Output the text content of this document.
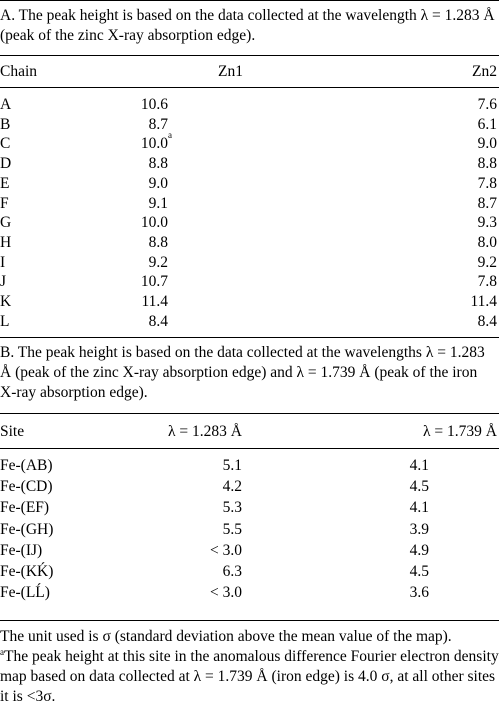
A. The peak height is based on the data collected at the wavelength λ = 1.283 Å (peak of the zinc X-ray absorption edge).
Chain	Zn1	Zn2
A	10.6	7.6
B	8.7	6.1
C	10.0 a	9.0
D	8.8	8.8
E	9.0	7.8
F	9.1	8.7
G	10.0	9.3
H	8.8	8.0
I	9.2	9.2
J	10.7	7.8
K	11.4	11.4
L	8.4	8.4
B. The peak height is based on the data collected at the wavelengths λ = 1.283 Å (peak of the zinc X-ray absorption edge) and λ = 1.739 Å (peak of the iron X-ray absorption edge).
Site	λ = 1.283 Å	λ = 1.739 Å
Fe-(AB)	5.1	4.1
Fe-(CD)	4.2	4.5
Fe-(EF)	5.3	4.1
Fe-(GH)	5.5	3.9
Fe-(IJ)	< 3.0	4.9
Fe-(KḰ)	6.3	4.5
Fe-(LĹ)	< 3.0	3.6
The unit used is σ (standard deviation above the mean value of the map).
$^a$The peak height at this site in the anomalous difference Fourier electron density map based on data collected at λ = 1.739 Å (iron edge) is 4.0 σ, at all other sites it is <3σ.
